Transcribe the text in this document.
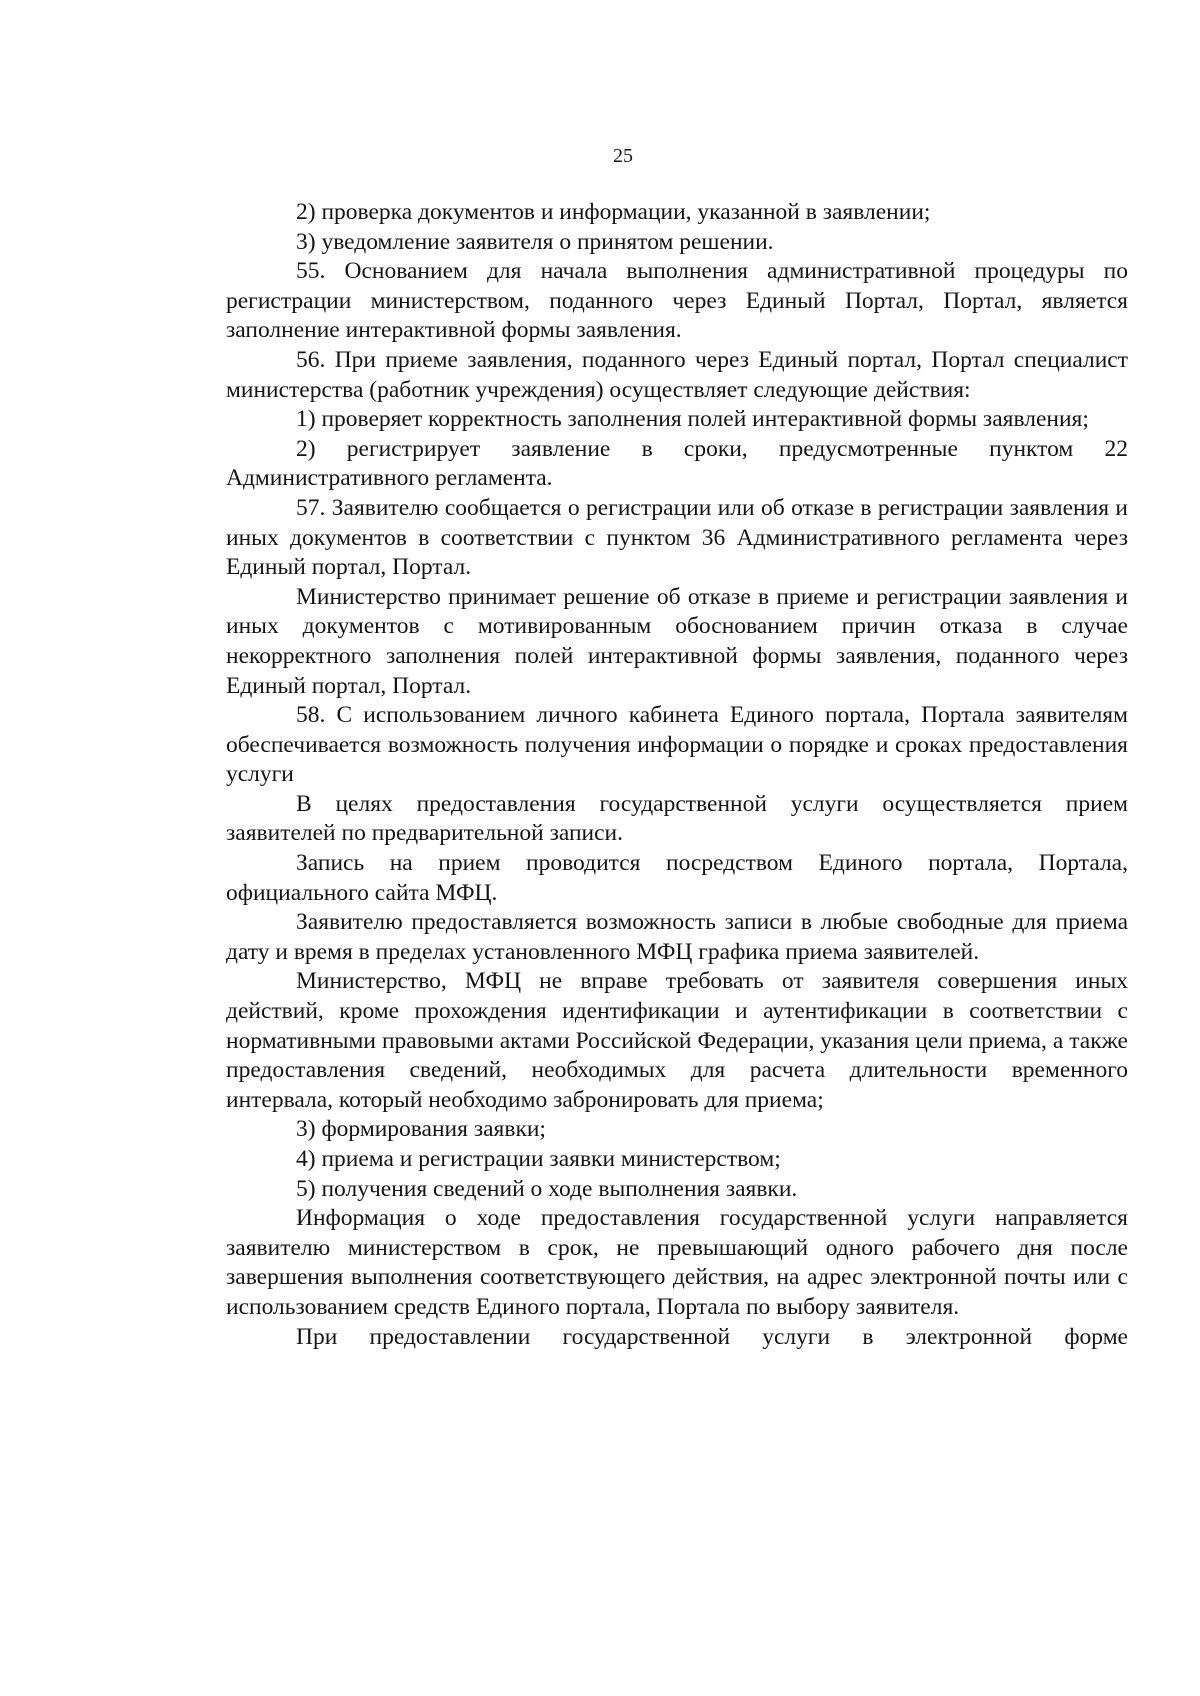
25

2) проверка документов и информации, указанной в заявлении;

3) уведомление заявителя о принятом решении.

55. Основанием для начала выполнения административной процедуры по регистрации министерством, поданного через Единый Портал, Портал, является заполнение интерактивной формы заявления.

56. При приеме заявления, поданного через Единый портал, Портал специалист министерства (работник учреждения) осуществляет следующие действия:

1) проверяет корректность заполнения полей интерактивной формы заявления;

2) регистрирует заявление в сроки, предусмотренные пунктом 22 Административного регламента.

57. Заявителю сообщается о регистрации или об отказе в регистрации заявления и иных документов в соответствии с пунктом 36 Административного регламента через Единый портал, Портал.

Министерство принимает решение об отказе в приеме и регистрации заявления и иных документов с мотивированным обоснованием причин отказа в случае некорректного заполнения полей интерактивной формы заявления, поданного через Единый портал, Портал.

58. С использованием личного кабинета Единого портала, Портала заявителям обеспечивается возможность получения информации о порядке и сроках предоставления услуги

В целях предоставления государственной услуги осуществляется прием заявителей по предварительной записи.

Запись на прием проводится посредством Единого портала, Портала, официального сайта МФЦ.

Заявителю предоставляется возможность записи в любые свободные для приема дату и время в пределах установленного МФЦ графика приема заявителей.

Министерство, МФЦ не вправе требовать от заявителя совершения иных действий, кроме прохождения идентификации и аутентификации в соответствии с нормативными правовыми актами Российской Федерации, указания цели приема, а также предоставления сведений, необходимых для расчета длительности временного интервала, который необходимо забронировать для приема;

3) формирования заявки;

4) приема и регистрации заявки министерством;

5) получения сведений о ходе выполнения заявки.

Информация о ходе предоставления государственной услуги направляется заявителю министерством в срок, не превышающий одного рабочего дня после завершения выполнения соответствующего действия, на адрес электронной почты или с использованием средств Единого портала, Портала по выбору заявителя.

При предоставлении государственной услуги в электронной форме
